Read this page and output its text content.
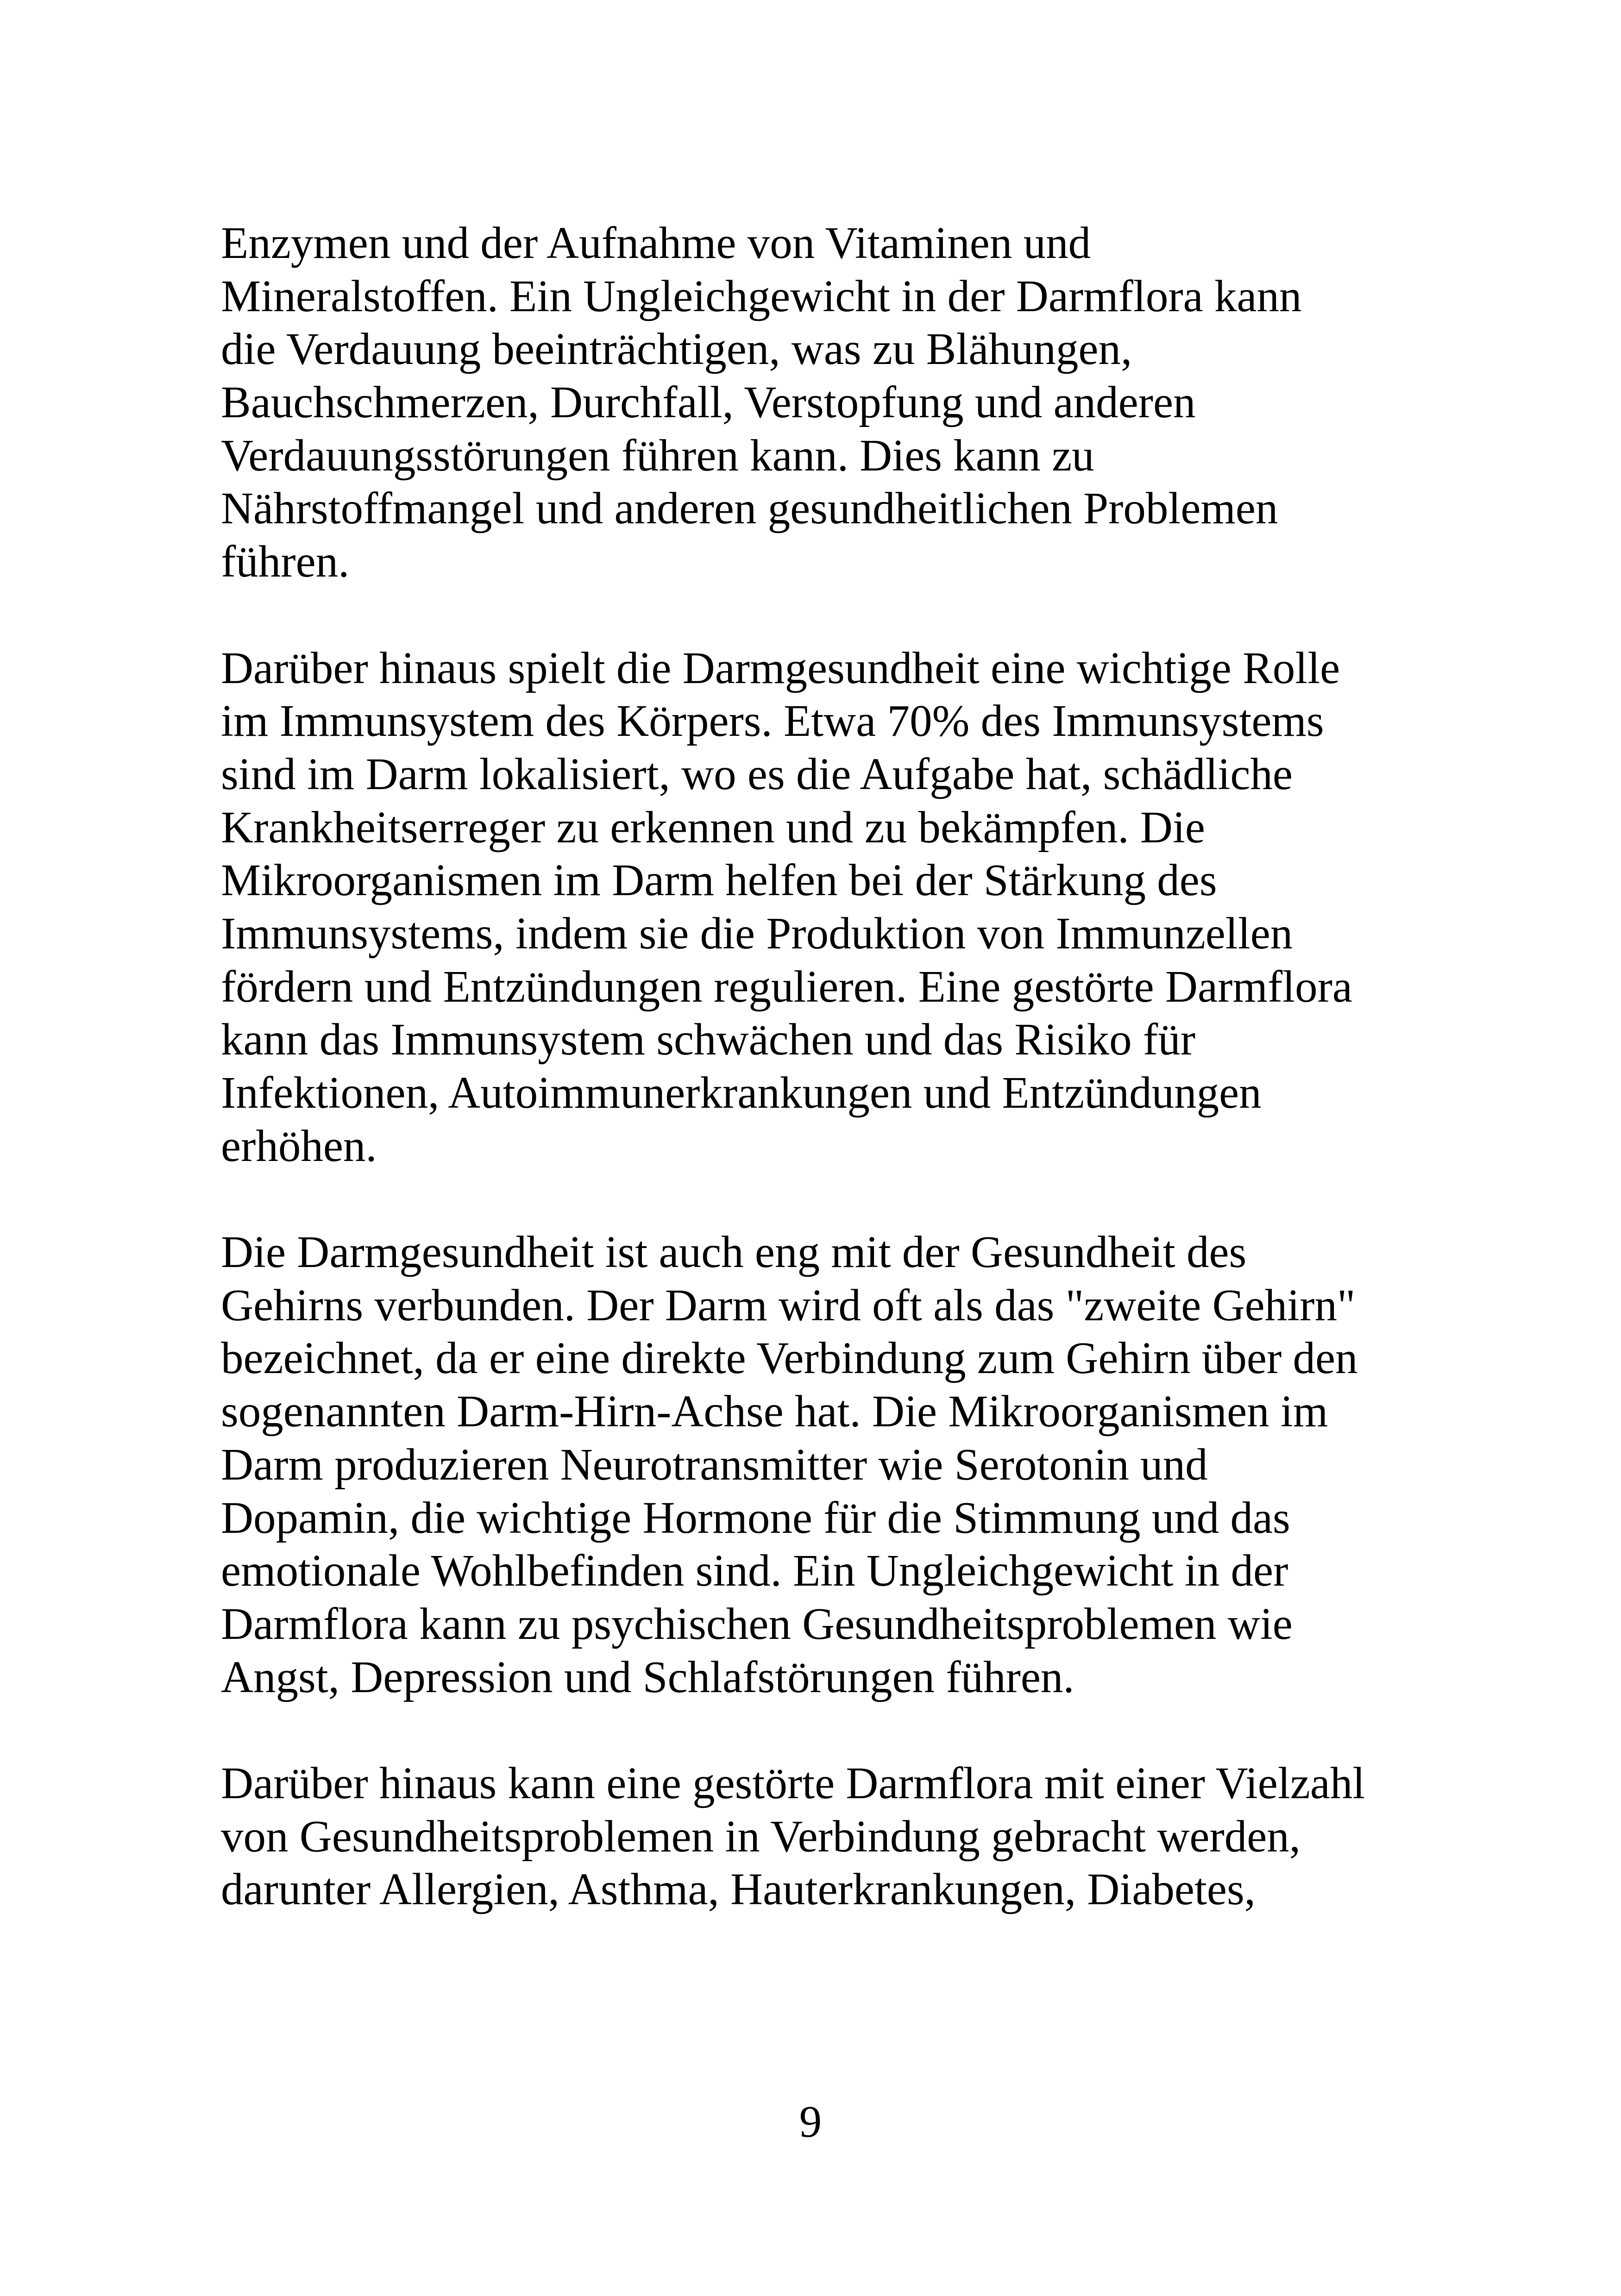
Enzymen und der Aufnahme von Vitaminen und
Mineralstoffen. Ein Ungleichgewicht in der Darmflora kann
die Verdauung beeinträchtigen, was zu Blähungen,
Bauchschmerzen, Durchfall, Verstopfung und anderen
Verdauungsstörungen führen kann. Dies kann zu
Nährstoffmangel und anderen gesundheitlichen Problemen
führen.

Darüber hinaus spielt die Darmgesundheit eine wichtige Rolle
im Immunsystem des Körpers. Etwa 70% des Immunsystems
sind im Darm lokalisiert, wo es die Aufgabe hat, schädliche
Krankheitserreger zu erkennen und zu bekämpfen. Die
Mikroorganismen im Darm helfen bei der Stärkung des
Immunsystems, indem sie die Produktion von Immunzellen
fördern und Entzündungen regulieren. Eine gestörte Darmflora
kann das Immunsystem schwächen und das Risiko für
Infektionen, Autoimmunerkrankungen und Entzündungen
erhöhen.

Die Darmgesundheit ist auch eng mit der Gesundheit des
Gehirns verbunden. Der Darm wird oft als das "zweite Gehirn"
bezeichnet, da er eine direkte Verbindung zum Gehirn über den
sogenannten Darm-Hirn-Achse hat. Die Mikroorganismen im
Darm produzieren Neurotransmitter wie Serotonin und
Dopamin, die wichtige Hormone für die Stimmung und das
emotionale Wohlbefinden sind. Ein Ungleichgewicht in der
Darmflora kann zu psychischen Gesundheitsproblemen wie
Angst, Depression und Schlafstörungen führen.

Darüber hinaus kann eine gestörte Darmflora mit einer Vielzahl
von Gesundheitsproblemen in Verbindung gebracht werden,
darunter Allergien, Asthma, Hauterkrankungen, Diabetes,

9
